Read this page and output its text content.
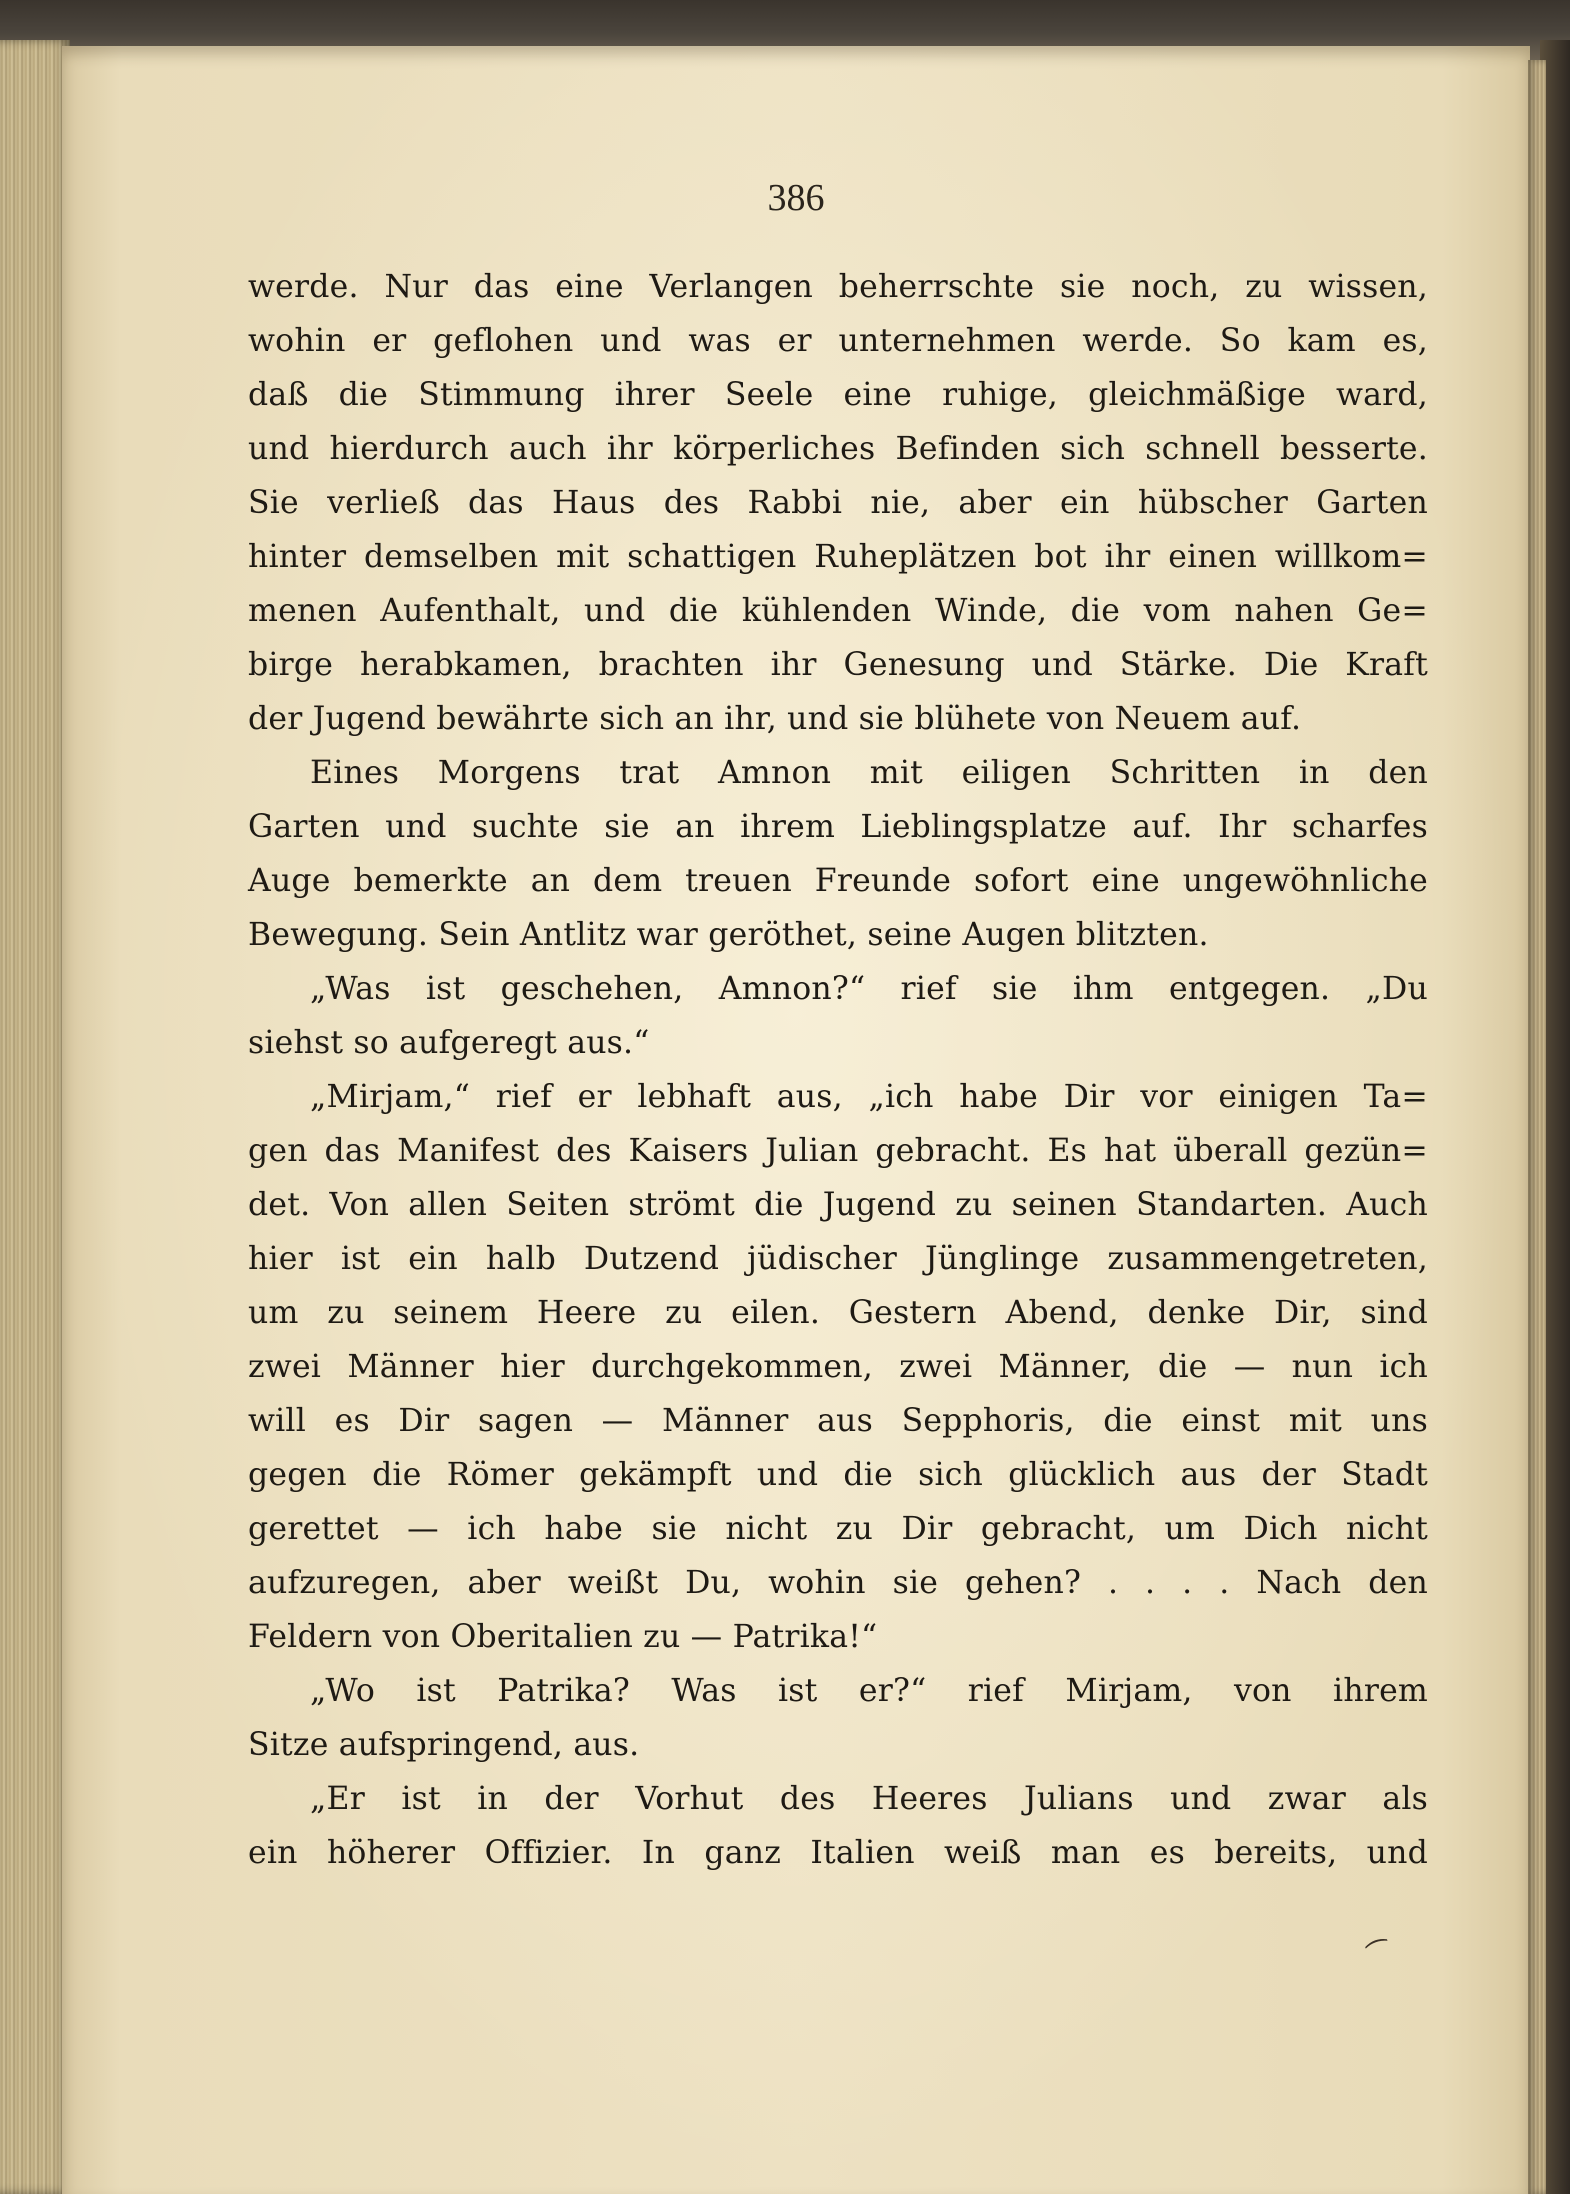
386

werde. Nur das eine Verlangen beherrschte sie noch, zu wissen,
wohin er geflohen und was er unternehmen werde. So kam es,
daß die Stimmung ihrer Seele eine ruhige, gleichmäßige ward,
und hierdurch auch ihr körperliches Befinden sich schnell besserte.
Sie verließ das Haus des Rabbi nie, aber ein hübscher Garten
hinter demselben mit schattigen Ruheplätzen bot ihr einen willkom=
menen Aufenthalt, und die kühlenden Winde, die vom nahen Ge=
birge herabkamen, brachten ihr Genesung und Stärke. Die Kraft
der Jugend bewährte sich an ihr, und sie blühete von Neuem auf.
Eines Morgens trat Amnon mit eiligen Schritten in den
Garten und suchte sie an ihrem Lieblingsplatze auf. Ihr scharfes
Auge bemerkte an dem treuen Freunde sofort eine ungewöhnliche
Bewegung. Sein Antlitz war geröthet, seine Augen blitzten.
„Was ist geschehen, Amnon?“ rief sie ihm entgegen. „Du
siehst so aufgeregt aus.“
„Mirjam,“ rief er lebhaft aus, „ich habe Dir vor einigen Ta=
gen das Manifest des Kaisers Julian gebracht. Es hat überall gezün=
det. Von allen Seiten strömt die Jugend zu seinen Standarten. Auch
hier ist ein halb Dutzend jüdischer Jünglinge zusammengetreten,
um zu seinem Heere zu eilen. Gestern Abend, denke Dir, sind
zwei Männer hier durchgekommen, zwei Männer, die — nun ich
will es Dir sagen — Männer aus Sepphoris, die einst mit uns
gegen die Römer gekämpft und die sich glücklich aus der Stadt
gerettet — ich habe sie nicht zu Dir gebracht, um Dich nicht
aufzuregen, aber weißt Du, wohin sie gehen? . . . . Nach den
Feldern von Oberitalien zu — Patrika!“
„Wo ist Patrika? Was ist er?“ rief Mirjam, von ihrem
Sitze aufspringend, aus.
„Er ist in der Vorhut des Heeres Julians und zwar als
ein höherer Offizier. In ganz Italien weiß man es bereits, und
⁀
